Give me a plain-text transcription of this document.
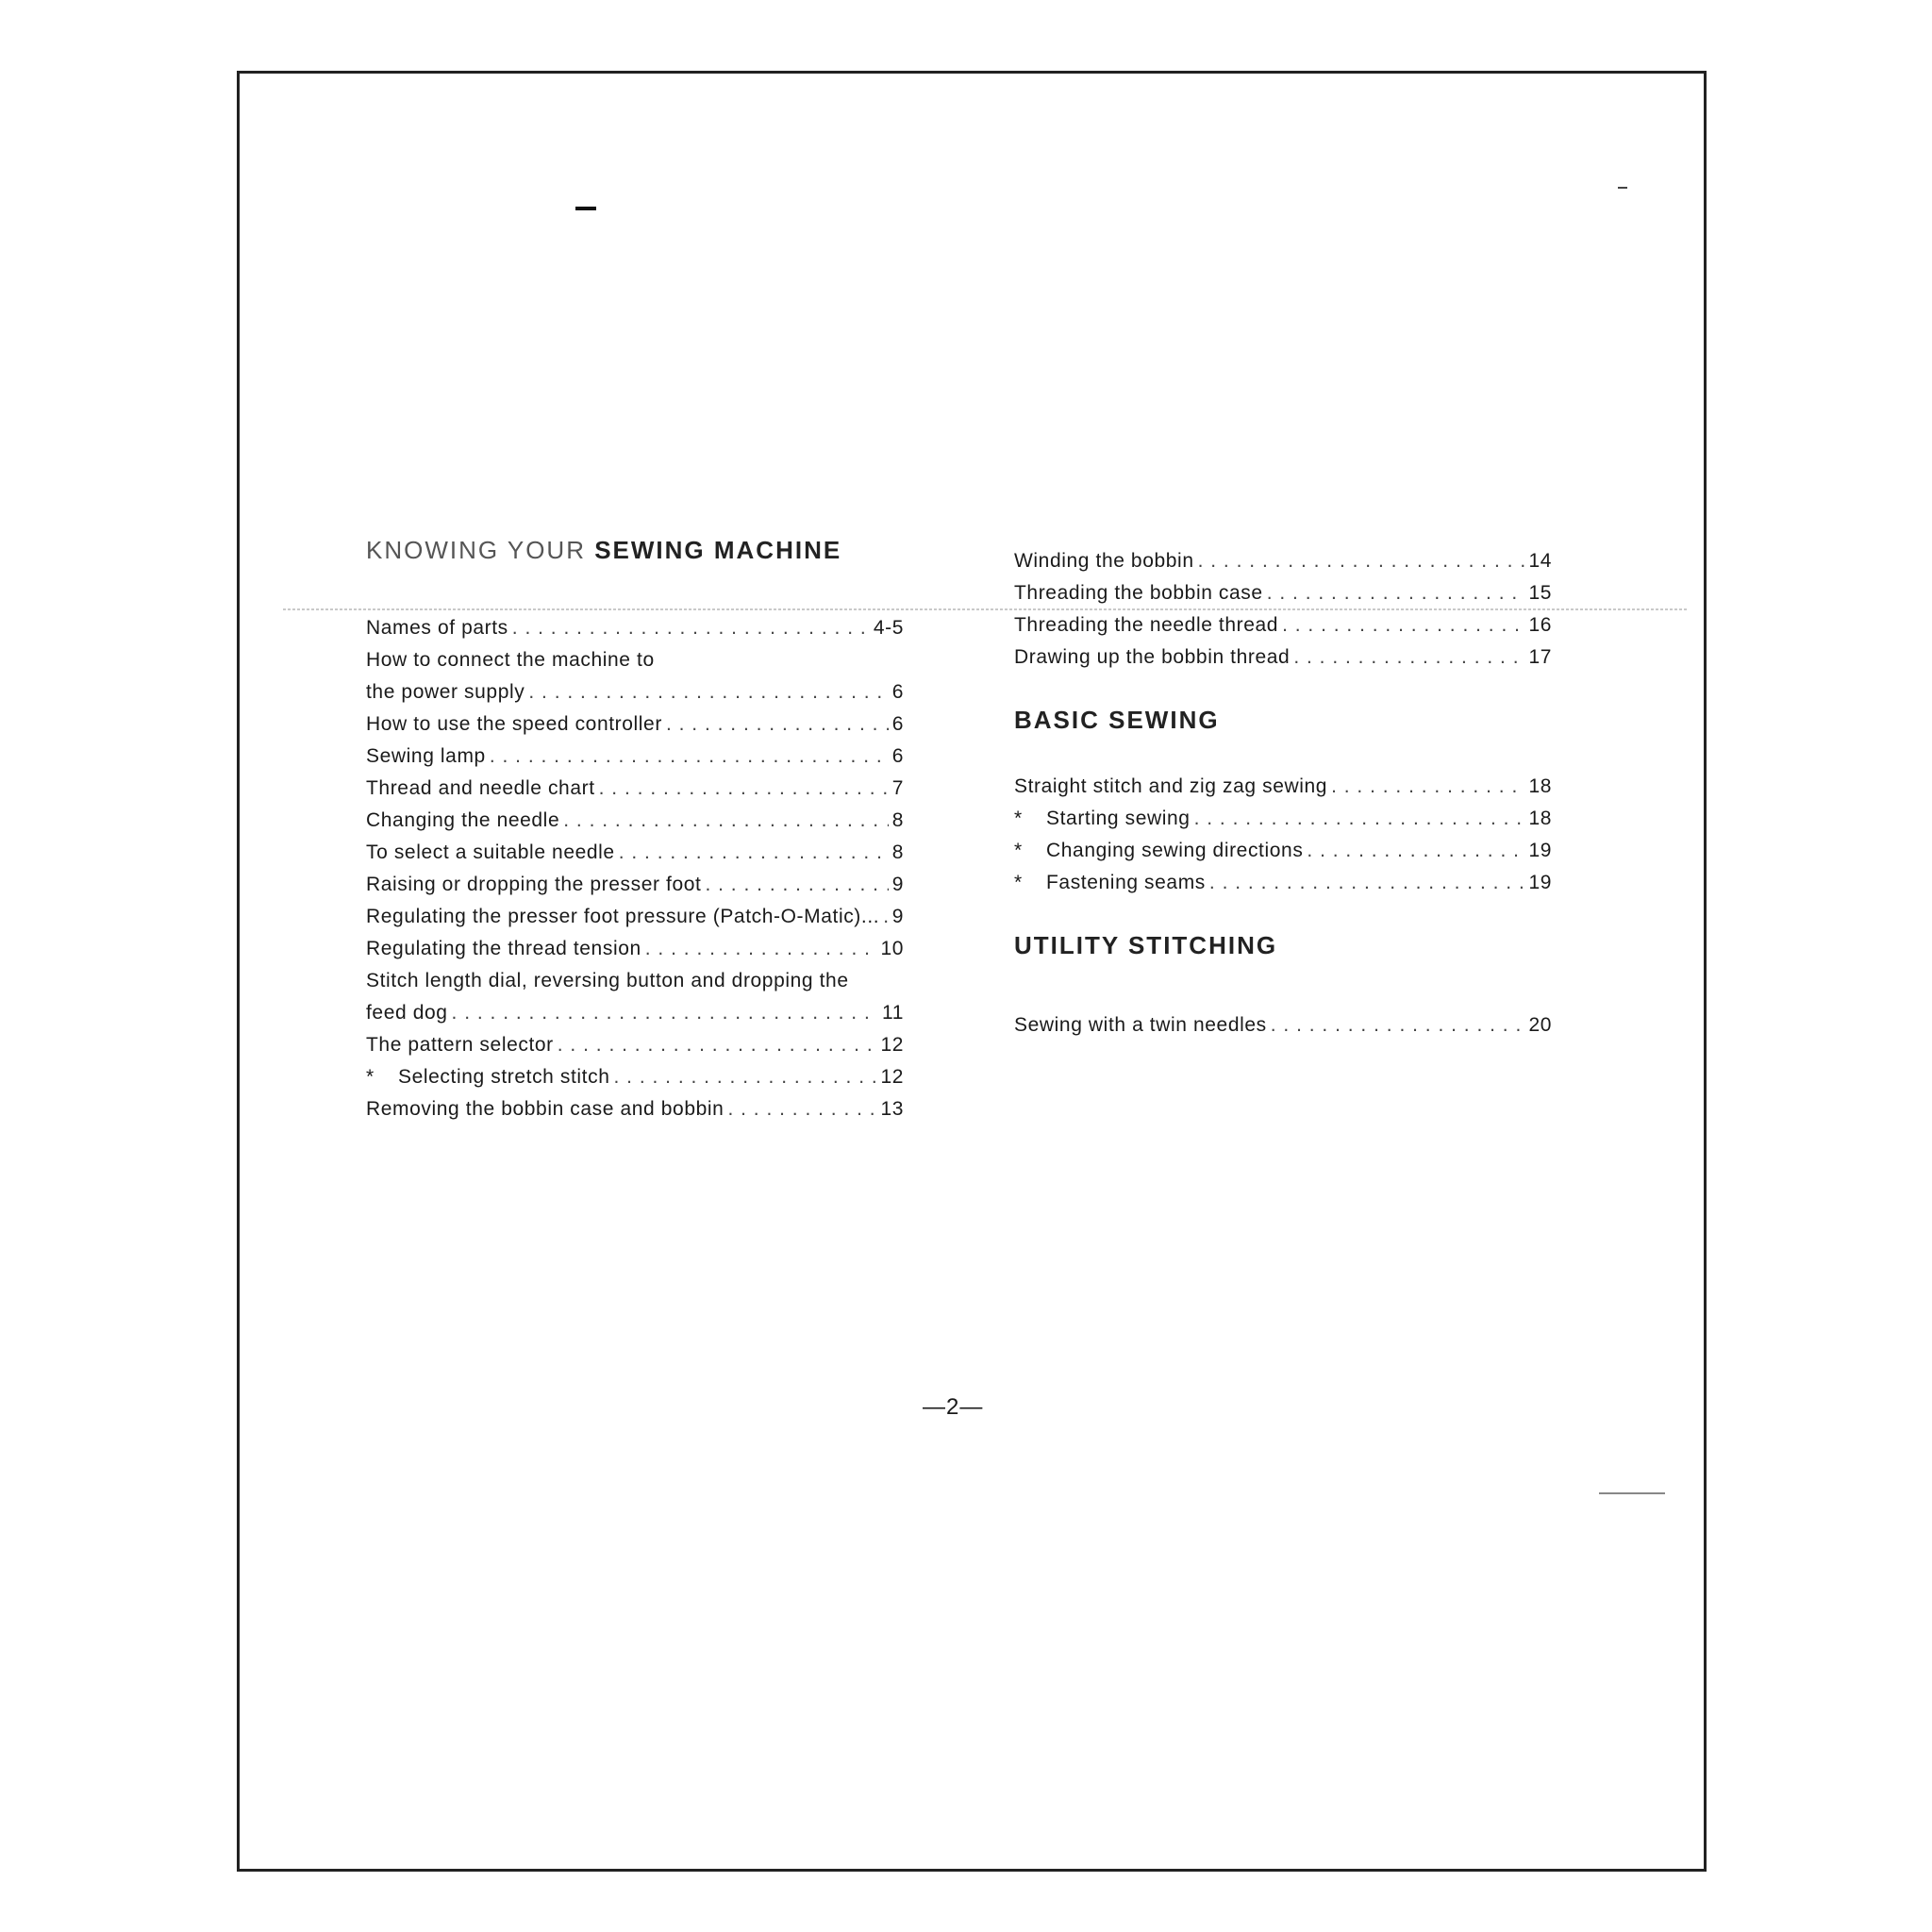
KNOWING YOUR SEWING MACHINE
Names of parts . . .	4-5
How to connect the machine to
the power supply . . .	6
How to use the speed controller . . .	6
Sewing lamp . . .	6
Thread and needle chart . . .	7
Changing the needle . . .	8
To select a suitable needle . . .	8
Raising or dropping the presser foot . . .	9
Regulating the presser foot pressure (Patch-O-Matic)... . . . 9
Regulating the thread tension . . .	10
Stitch length dial, reversing button and dropping the
feed dog . . .	11
The pattern selector . . .	12
*	Selecting stretch stitch . . .	12
Removing the bobbin case and bobbin . . .	13
Winding the bobbin . . .	14
Threading the bobbin case . . .	15
Threading the needle thread . . .	16
Drawing up the bobbin thread . . .	17
BASIC SEWING
Straight stitch and zig zag sewing . . .	18
*	Starting sewing . . .	18
*	Changing sewing directions . . .	19
*	Fastening seams . . .	19
UTILITY STITCHING
Sewing with a twin needles . . .	20
—2—
